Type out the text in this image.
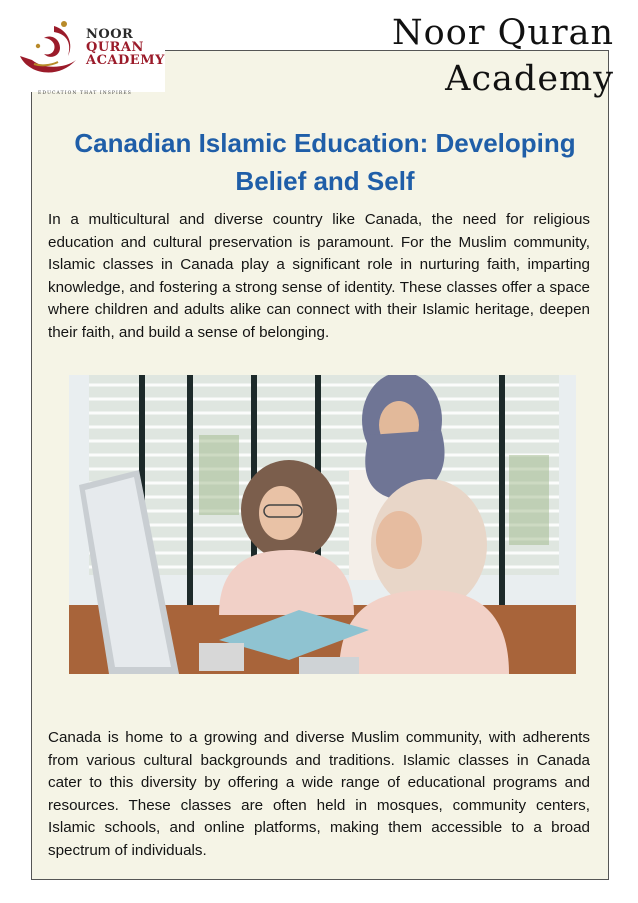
NOOR
QURAN
ACADEMY
EDUCATION THAT INSPIRES
Noor Quran
Academy
Canadian Islamic Education: Developing Belief and Self

In a multicultural and diverse country like Canada, the need for religious education and cultural preservation is paramount. For the Muslim community, Islamic classes in Canada play a significant role in nurturing faith, imparting knowledge, and fostering a strong sense of identity. These classes offer a space where children and adults alike can connect with their Islamic heritage, deepen their faith, and build a sense of belonging.

Canada is home to a growing and diverse Muslim community, with adherents from various cultural backgrounds and traditions. Islamic classes in Canada cater to this diversity by offering a wide range of educational programs and resources. These classes are often held in mosques, community centers, Islamic schools, and online platforms, making them accessible to a broad spectrum of individuals.
